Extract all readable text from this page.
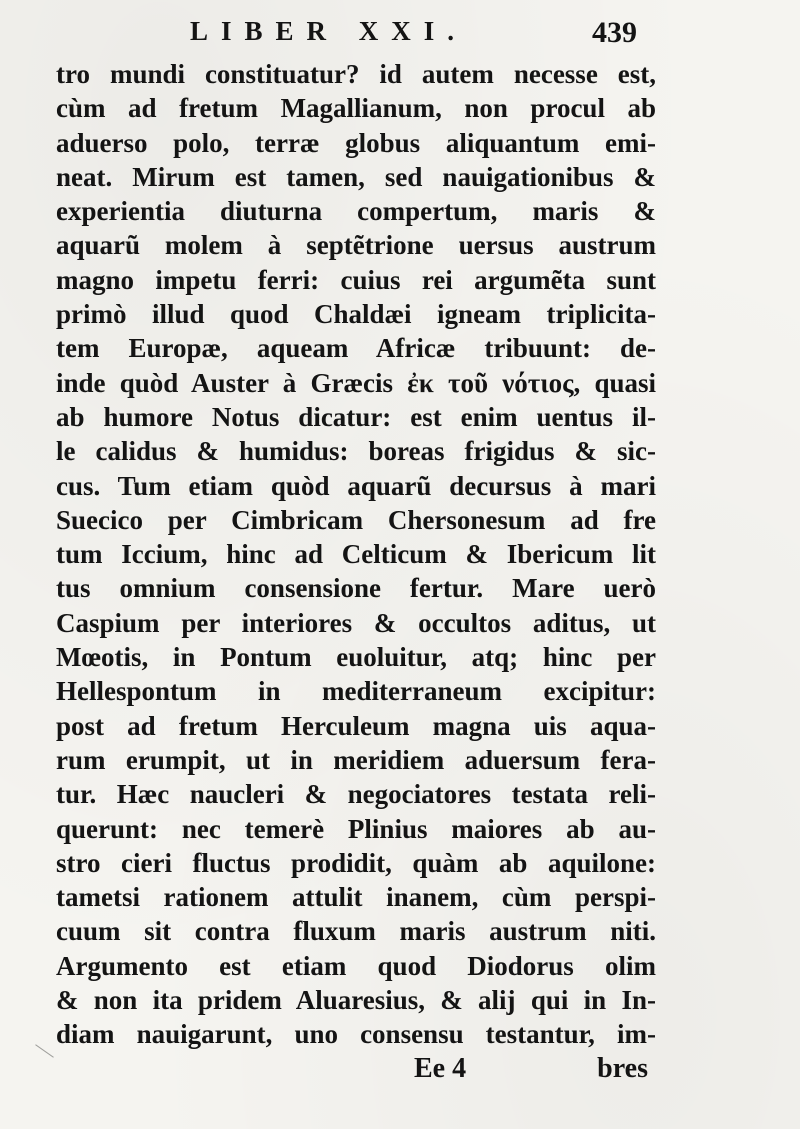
LIBER XXI.	439
tro mundi constituatur? id autem necesse est,
cùm ad fretum Magallianum, non procul ab
aduerso polo, terræ globus aliquantum emi-
neat. Mirum est tamen, sed nauigationibus &
experientia diuturna compertum, maris &
aquarũ molem à septẽtrione uersus austrum
magno impetu ferri: cuius rei argumẽta sunt
primò illud quod Chaldæi igneam triplicita-
tem Europæ, aqueam Africæ tribuunt: de-
inde quòd Auster à Græcis ἐκ τοῦ νότιος, quasi
ab humore Notus dicatur: est enim uentus il-
le calidus & humidus: boreas frigidus & sic-
cus. Tum etiam quòd aquarũ decursus à mari
Suecico per Cimbricam Chersonesum ad fre
tum Iccium, hinc ad Celticum & Ibericum lit
tus omnium consensione fertur. Mare uerò
Caspium per interiores & occultos aditus, ut
Mœotis, in Pontum euoluitur, atq; hinc per
Hellespontum in mediterraneum excipitur:
post ad fretum Herculeum magna uis aqua-
rum erumpit, ut in meridiem aduersum fera-
tur. Hæc naucleri & negociatores testata reli-
querunt: nec temerè Plinius maiores ab au-
stro cieri fluctus prodidit, quàm ab aquilone:
tametsi rationem attulit inanem, cùm perspi-
cuum sit contra fluxum maris austrum niti.
Argumento est etiam quod Diodorus olim
& non ita pridem Aluaresius, & alij qui in In-
diam nauigarunt, uno consensu testantur, im-
Ee 4	bres
